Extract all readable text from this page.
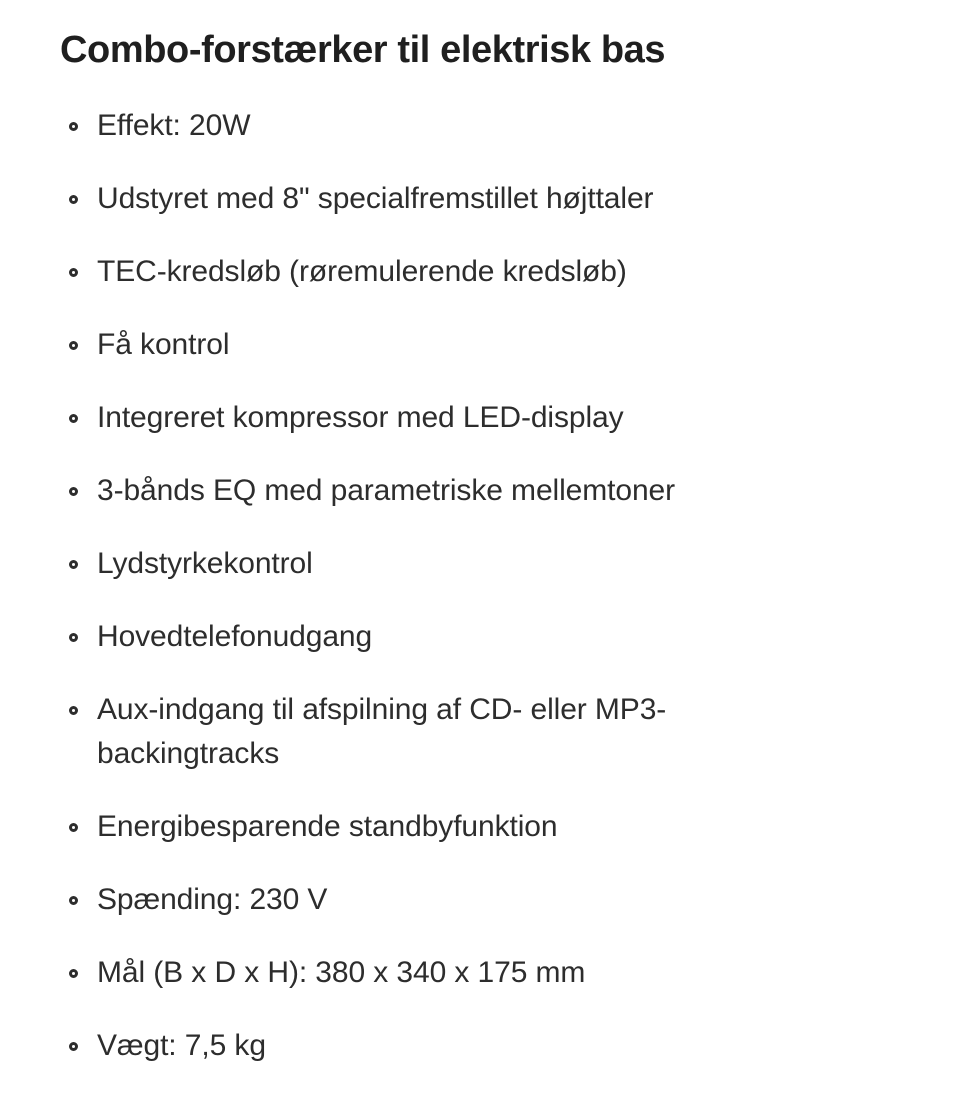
Combo-forstærker til elektrisk bas
Effekt: 20W
Udstyret med 8" specialfremstillet højttaler
TEC-kredsløb (røremulerende kredsløb)
Få kontrol
Integreret kompressor med LED-display
3-bånds EQ med parametriske mellemtoner
Lydstyrkekontrol
Hovedtelefonudgang
Aux-indgang til afspilning af CD- eller MP3-backingtracks
Energibesparende standbyfunktion
Spænding: 230 V
Mål (B x D x H): 380 x 340 x 175 mm
Vægt: 7,5 kg
